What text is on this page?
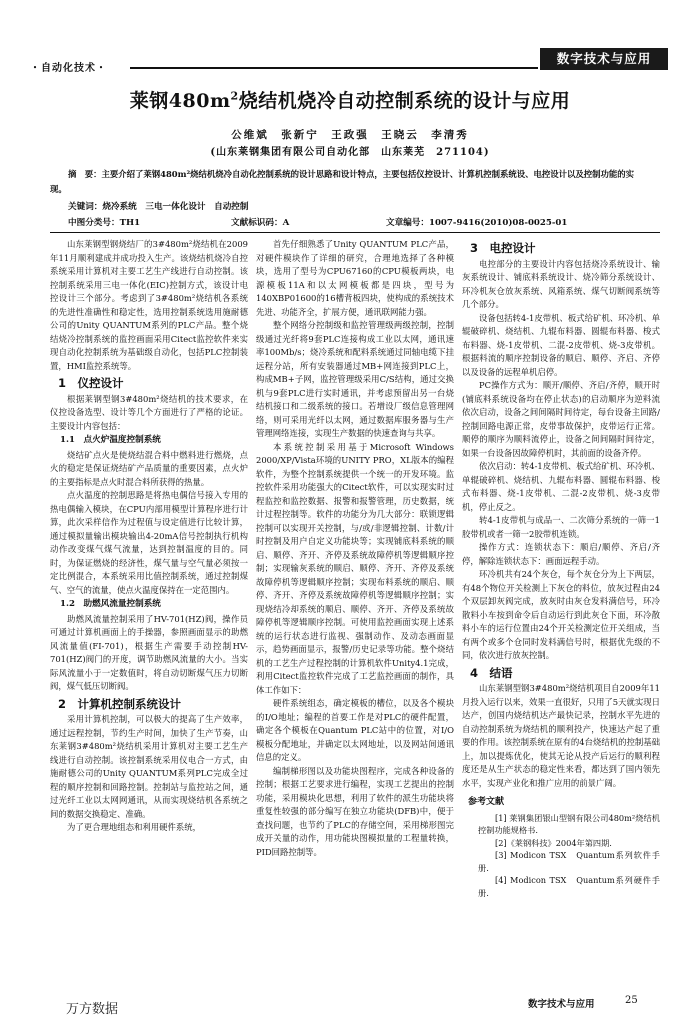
・自动化技术・
数字技术与应用
莱钢$480m^2$烧结机烧冷自动控制系统的设计与应用
公维斌　张新宁　王政强　王晓云　李清秀
(山东莱钢集团有限公司自动化部　山东莱芜　271104)
摘　要：主要介绍了莱钢480m²烧结机烧冷自动化控制系统的设计思路和设计特点，主要包括仪控设计、计算机控制系统设、电控设计以及控制功能的实现。
关键词：烧冷系统　三电一体化设计　自动控制
中图分类号：TH1	文献标识码：A	文章编号：1007-9416(2010)08-0025-01

山东莱钢型钢烧结厂的3#480m²烧结机在2009年11月顺利建成并成功投入生产。该烧结机烧冷自控系统采用计算机对主要工艺生产线进行自动控制。该控制系统采用三电一体化(EIC)控制方式，该设计电控设计三个部分。考虑到了3#480m²烧结机各系统的先进性准确性和稳定性，选用控制系统选用施耐德公司的Unity QUANTUM系列的PLC产品。整个烧结烧冷控制系统的监控画面采用Citect监控软件来实现自动化控制系统为基础级自动化，包括PLC控制装置，HMI监控系统等。

1　仪控设计

根据莱钢型钢3#480m²烧结机的技术要求，在仪控设备选型、设计等几个方面进行了严格的论证。主要设计内容包括：

1.1　点火炉温度控制系统

烧结矿点火是使烧结混合料中燃料进行燃烧，点火的稳定是保证烧结矿产品质量的重要因素，点火炉的主要指标是点火时混合料所获得的热量。

点火温度的控制思路是将热电偶信号接入专用的热电偶输入模块，在CPU内部用模型计算程序进行计算，此次采样信作为过程值与设定值进行比较计算，通过模拟量输出模块输出4-20mA信号控制执行机构动作改变煤气煤气流量，达到控制温度的目的。同时，为保证燃烧的经济性，煤气量与空气量必须按一定比例混合，本系统采用比值控制系统，通过控制煤气、空气的流量，使点火温度保持在一定范围内。

1.2　助燃风流量控制系统

助燃风流量控制采用了HV-701(HZ)阀，操作员可通过计算机画面上的手操器，参照画面显示的助燃风流量值(FI-701)，根据生产需要手动控制HV-701(HZ)阀门的开度，调节助燃风流量的大小。当实际风流量小于一定数值时，将自动切断煤气压力切断阀，煤气低压切断阀。

2　计算机控制系统设计

采用计算机控制，可以极大的提高了生产效率，通过远程控制，节约生产时间，加快了生产节奏，山东莱钢3#480m²烧结机采用计算机对主要工艺生产线进行自动控制。该控制系统采用仪电合一方式，由施耐德公司的Unity QUANTUM系列PLC完成全过程的顺序控制和回路控制。控制站与监控站之间，通过光纤工业以太网网通讯，从而实现烧结机各系统之间的数据交换稳定、准确。

为了更合理地组态和利用硬件系统，

首先仔细熟悉了Unity QUANTUM PLC产品，对硬件模块作了详细的研究，合理地选择了各种模块，选用了型号为CPU67160的CPU模板两块，电源模板11A和以太网模板都是四块，型号为140XBP01600的16槽背板四块，使构成的系统技术先进、功能齐全，扩展方便，通讯联网能力强。

整个网络分控制级和监控管理级两级控制，控制级通过光纤将9套PLC连接构成工业以太网，通讯速率100Mb/s；烧冷系统和配料系统通过同轴电缆下挂远程分站，所有安装器通过MB+网连接到PLC上，构成MB+子网，监控管理级采用C/S结构，通过交换机与9套PLC进行实时通讯，并考虑预留出另一台烧结机接口和二级系统的接口。若增设厂级信息管理网络，则可采用光纤以太网，通过数据库服务器与生产管理网络连接，实现生产数据的快速查询与共享。

本系统控制采用基于Microsoft Windows 2000/XP/Vista环境的UNITY PRO，XL版本的编程软件，为整个控制系统提供一个统一的开发环境。监控软件采用功能强大的Citect软件，可以实现实时过程监控和监控数据、报警和报警管理，历史数据，统计过程控制等。软件的功能分为几大部分：联锁逻辑控制可以实现开关控制，与/或/非逻辑控制、计数/计时控制及用户自定义功能块等；实现铺底料系统的顺启、顺停、齐开、齐停及系统故障停机等逻辑顺序控制；实现输灰系统的顺启、顺停、齐开、齐停及系统故障停机等逻辑顺序控制；实现布料系统的顺启、顺停、齐开、齐停及系统故障停机等逻辑顺序控制；实现烧结冷却系统的顺启、顺停、齐开、齐停及系统故障停机等逻辑顺序控制。可使用监控画面实现上述系统的运行状态进行监视、强制动作、及动态画面显示，趋势画面显示，报警/历史记录等功能。整个烧结机的工艺生产过程控制的计算机软件Unity4.1完成，利用Citect监控软件完成了工艺监控画面的制作，具体工作如下：

硬件系统组态，确定模板的槽位，以及各个模块的I/O地址；编程的首要工作是对PLC的硬件配置，确定各个模板在Quantum PLC站中的位置，对I/O模板分配地址，并确定以太网地址，以及网站间通讯信息的定义。

编制梯形图以及功能块图程序，完成各种设备的控制；根据工艺要求进行编程，实现工艺提出的控制功能，采用模块化思想，利用了软件的派生功能块将重复性较强的部分编写在独立功能块(DFB)中，便于查找问题，也节约了PLC的存储空间，采用梯形图完成开关量的动作，用功能块图模拟量的工程量转换，PID回路控制等。

3　电控设计

电控部分的主要设计内容包括烧冷系统设计、输灰系统设计、铺底料系统设计、烧冷筛分系统设计、环冷机灰仓放灰系统、风箱系统、煤气切断阀系统等几个部分。

设备包括转4-1皮带机、板式给矿机、环冷机、单辊破碎机、烧结机、九辊布料器、圆辊布料器、梭式布料器、烧-1皮带机、二混-2皮带机、烧-3皮带机。根据料流的顺序控制设备的顺启、顺停、齐启、齐停以及设备的远程单机启停。

PC操作方式为：顺开/顺停、齐启/齐停，顺开时(铺底料系统设备均在停止状态)的启动顺序为逆料流依次启动，设备之间间隔时间待定，每台设备主回路/控制回路电源正常，皮带事故保护，皮带运行正常。顺停的顺序为顺料流停止，设备之间间隔时间待定，如果一台设备因故障停机时，其前面的设备齐停。

依次启动：转4-1皮带机、板式给矿机、环冷机、单辊破碎机、烧结机、九辊布料器、圆辊布料器、梭式布料器、烧-1皮带机、二混-2皮带机、烧-3皮带机，停止反之。

转4-1皮带机与成品一、二次筛分系统的一筛一1胶带机或者一筛一2胶带机连锁。

操作方式：连锁状态下：顺启/顺停、齐启/齐停，解除连锁状态下：画面远程手动。

环冷机共有24个灰仓，每个灰仓分为上下两层，有48个物位开关检测上下灰仓的料位，放灰过程由24个双层卸灰阀完成，放灰时由灰仓发料满信号，环冷散料小车按到命令后自动运行到此灰仓下面，环冷散料小车的运行位置由24个开关检测定位开关组成，当有两个或多个仓同时发料满信号时，根据优先级的不同，依次进行放灰控制。

4　结语

山东莱钢型钢3#480m²烧结机项目自2009年11月投入运行以来，效果一直很好，只用了5天就实现日达产，创国内烧结机达产最快记录，控制水平先进的自动控制系统为烧结机的顺利投产，快速达产起了重要的作用。该控制系统在原有的4台烧结机的控制基础上，加以提炼优化，使其无论从投产后运行的顺利程度还是从生产状态的稳定性来看，都达到了国内领先水平，实现产业化和推广应用的前景广阔。

参考文献

[1] 莱钢集团银山型钢有限公司480m²烧结机控制功能规格书.

[2]《莱钢科技》2004年第四期.

[3] Modicon TSX　Quantum系列软件手册.

[4] Modicon TSX　Quantum系列硬件手册.

万方数据	数字技术与应用	25
